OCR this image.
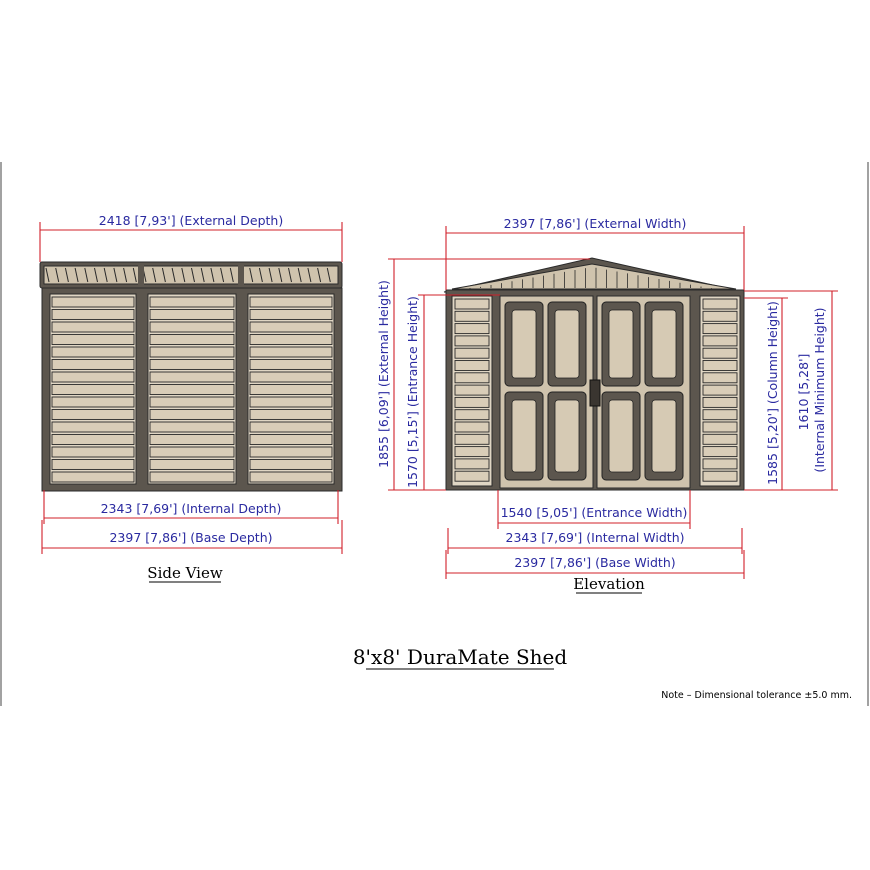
2418 [7,93'] (External Depth)
2343 [7,69'] (Internal Depth)
2397 [7,86'] (Base Depth)
Side View
2397 [7,86'] (External Width)
1855 [6,09'] (External Height) 1570 [5,15'] (Entrance Height)	1585 [5,20'] (Column Height) 1610 [5,28'] (Internal Minimum Height)
1540 [5,05'] (Entrance Width)
2343 [7,69'] (Internal Width)
2397 [7,86'] (Base Width)
Elevation
8'x8' DuraMate Shed
Note – Dimensional tolerance ±5.0 mm.
